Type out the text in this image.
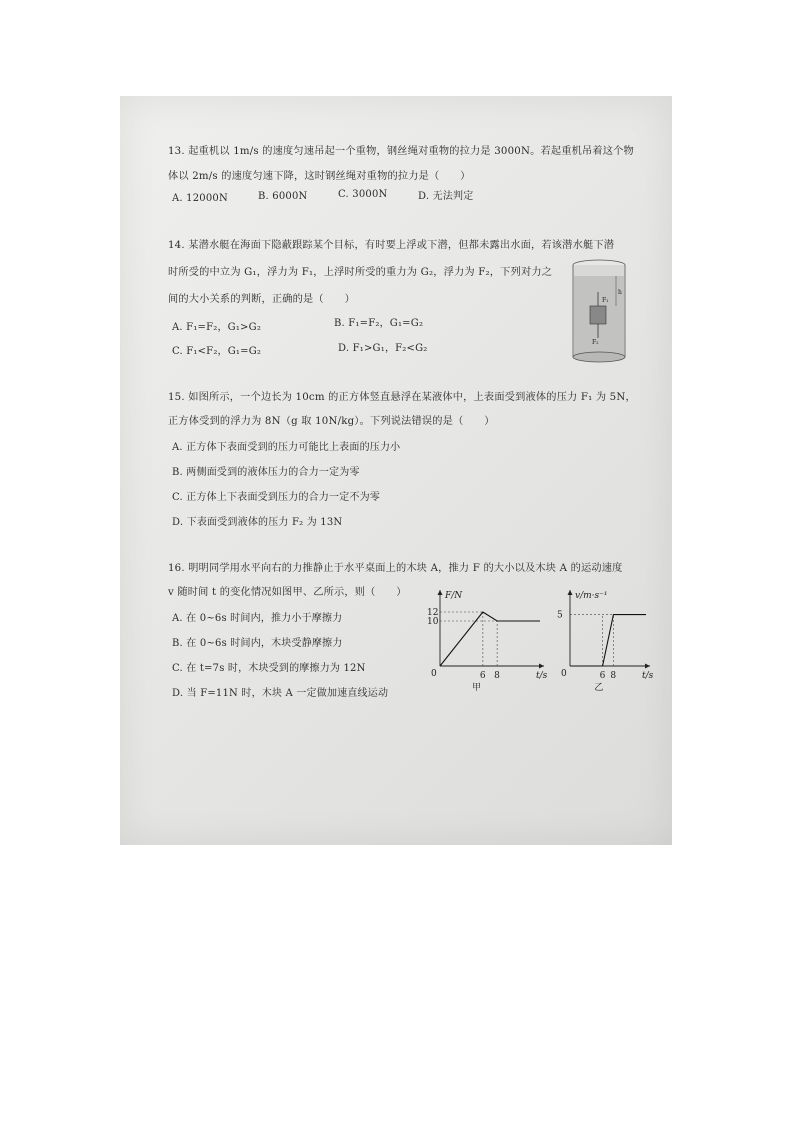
13. 起重机以 1m/s 的速度匀速吊起一个重物，钢丝绳对重物的拉力是 3000N。若起重机吊着这个物
体以 2m/s 的速度匀速下降，这时钢丝绳对重物的拉力是（　　）
A. 12000N	B. 6000N	C. 3000N	D. 无法判定
14. 某潜水艇在海面下隐蔽跟踪某个目标，有时要上浮或下潜，但都未露出水面，若该潜水艇下潜
时所受的中立为 G₁，浮力为 F₁，上浮时所受的重力为 G₂，浮力为 F₂，下列对力之
间的大小关系的判断，正确的是（　　）
A. F₁=F₂，G₁>G₂	B. F₁=F₂，G₁=G₂
C. F₁<F₂，G₁=G₂	D. F₁>G₁，F₂<G₂
F₁
h
F₂
15. 如图所示，一个边长为 10cm 的正方体竖直悬浮在某液体中，上表面受到液体的压力 F₁ 为 5N，
正方体受到的浮力为 8N（g 取 10N/kg）。下列说法错误的是（　　）
A. 正方体下表面受到的压力可能比上表面的压力小
B. 两侧面受到的液体压力的合力一定为零
C. 正方体上下表面受到压力的合力一定不为零
D. 下表面受到液体的压力 F₂ 为 13N
16. 明明同学用水平向右的力推静止于水平桌面上的木块 A，推力 F 的大小以及木块 A 的运动速度
v 随时间 t 的变化情况如图甲、乙所示，则（　　）
A. 在 0~6s 时间内，推力小于摩擦力
B. 在 0~6s 时间内，木块受静摩擦力
C. 在 t=7s 时，木块受到的摩擦力为 12N
D. 当 F=11N 时，木块 A 一定做加速直线运动
F/N
t/s
0	6 8
10
12
甲
v/m·s⁻¹
t/s
0	6 8
5
乙
